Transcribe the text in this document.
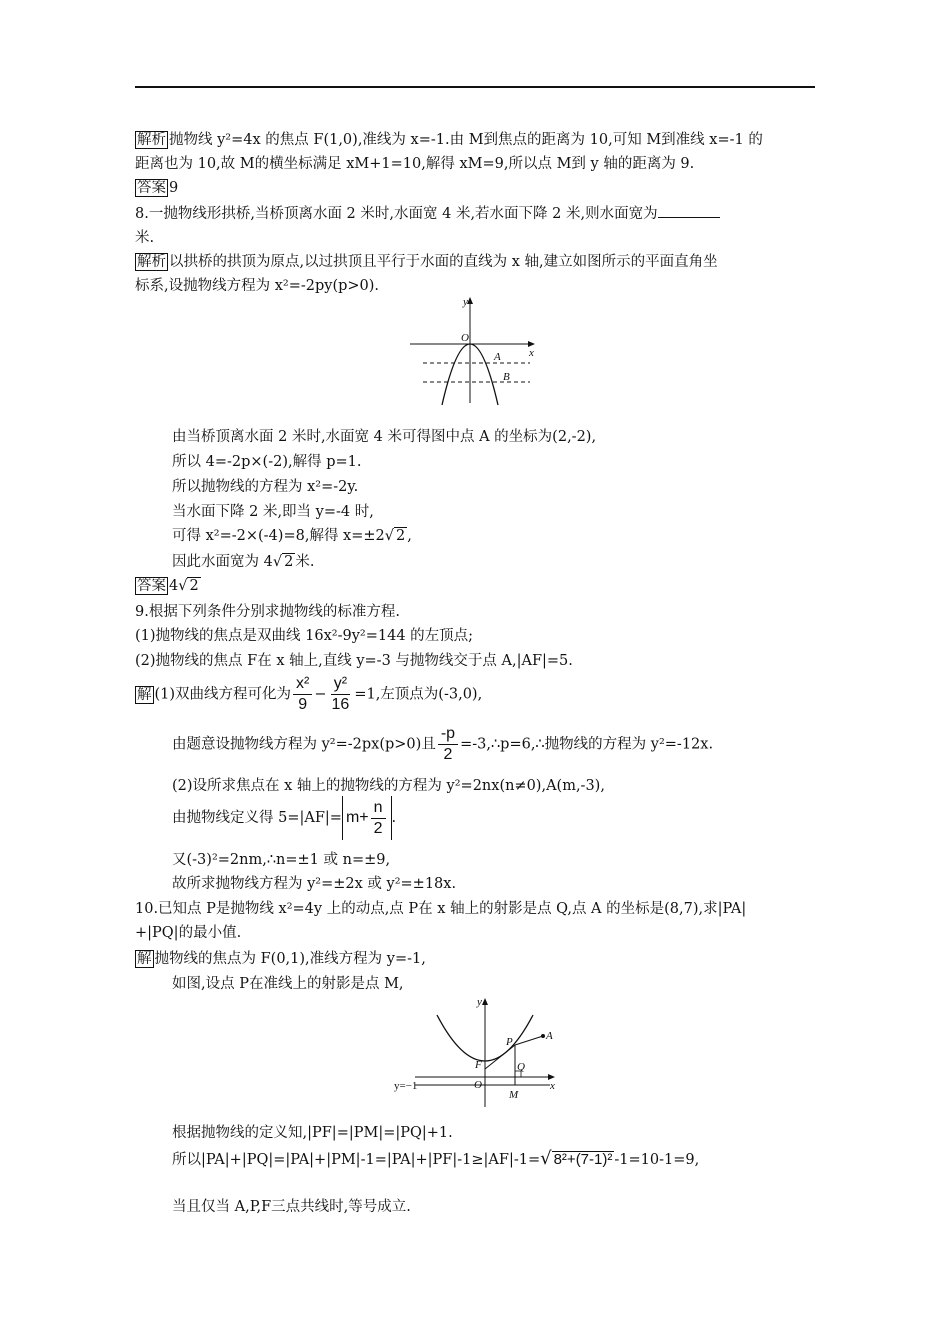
解析 抛物线 y²=4x 的焦点 F(1,0),准线为 x=-1.由 M到焦点的距离为 10,可知 M到准线 x=-1 的
距离也为 10,故 M的横坐标满足 xM+1=10,解得 xM=9,所以点 M到 y 轴的距离为 9.
答案 9
8.一抛物线形拱桥,当桥顶离水面 2 米时,水面宽 4 米,若水面下降 2 米,则水面宽为
米.
解析 以拱桥的拱顶为原点,以过拱顶且平行于水面的直线为 x 轴,建立如图所示的平面直角坐
标系,设抛物线方程为 x²=-2py(p>0).
y
O
x
A
B
由当桥顶离水面 2 米时,水面宽 4 米可得图中点 A 的坐标为(2,-2),
所以 4=-2p×(-2),解得 p=1.
所以抛物线的方程为 x²=-2y.
当水面下降 2 米,即当 y=-4 时,
可得 x²=-2×(-4)=8,解得 x=±2√ 2 ,
因此水面宽为 4√ 2 米.
答案 4√ 2
9.根据下列条件分别求抛物线的标准方程.
(1)抛物线的焦点是双曲线 16x²-9y²=144 的左顶点;
(2)抛物线的焦点 F在 x 轴上,直线 y=-3 与抛物线交于点 A,|AF|=5.
解 (1)双曲线方程可化为 $\frac{\text{x²}}{9} - \frac{\text{y²}}{16} =1$,左顶点为(-3,0),
由题意设抛物线方程为 y²=-2px(p>0)且 $\frac{-p}{2}$ =-3,∴p=6,∴抛物线的方程为 y²=-12x.
(2)设所求焦点在 x 轴上的抛物线的方程为 y²=2nx(n≠0),A(m,-3),
由抛物线定义得 $5=|AF|= m+ \frac{n}{2}$ .
又(-3)²=2nm,∴n=±1 或 n=±9,
故所求抛物线方程为 y²=±2x 或 y²=±18x.
10.已知点 P是抛物线 x²=4y 上的动点,点 P在 x 轴上的射影是点 Q,点 A 的坐标是(8,7),求|PA|
+|PQ|的最小值.
解 抛物线的焦点为 F(0,1),准线方程为 y=-1,
如图,设点 P在准线上的射影是点 M,
y
A
P
F	Q
O	x
M
y=−1
根据抛物线的定义知,|PF|=|PM|=|PQ|+1.
所以|PA|+|PQ|=|PA|+|PM|-1=|PA|+|PF|-1≥|AF|-1=√ 8²+(7-1)² -1=10-1=9,
当且仅当 A,P,F三点共线时,等号成立.
